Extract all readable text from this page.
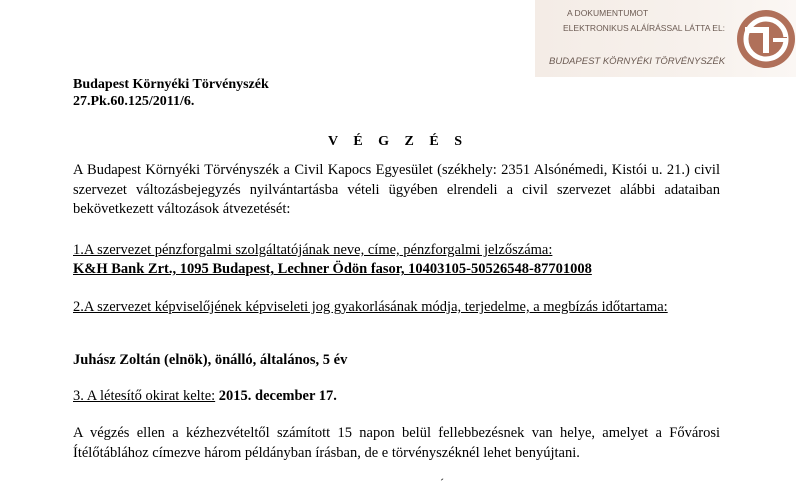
A DOKUMENTUMOT
ELEKTRONIKUS ALÁÍRÁSSAL LÁTTA EL:
BUDAPEST KÖRNYÉKI TÖRVÉNYSZÉK
Budapest Környéki Törvényszék
27.Pk.60.125/2011/6.
V É G Z É S
A Budapest Környéki Törvényszék a Civil Kapocs Egyesület (székhely: 2351 Alsónémedi, Kistói u. 21.) civil szervezet változásbejegyzés nyilvántartásba vételi ügyében elrendeli a civil szervezet alábbi adataiban bekövetkezett változások átvezetését:
1.A szervezet pénzforgalmi szolgáltatójának neve, címe, pénzforgalmi jelzőszáma:
K&H Bank Zrt., 1095 Budapest, Lechner Ödön fasor, 10403105-50526548-87701008
2.A szervezet képviselőjének képviseleti jog gyakorlásának módja, terjedelme, a megbízás időtartama:
Juhász Zoltán (elnök), önálló, általános, 5 év
3. A létesítő okirat kelte: 2015. december 17.
A végzés ellen a kézhezvételtől számított 15 napon belül fellebbezésnek van helye, amelyet a Fővárosi Ítélőtáblához címezve három példányban írásban, de e törvényszéknél lehet benyújtani.
´
